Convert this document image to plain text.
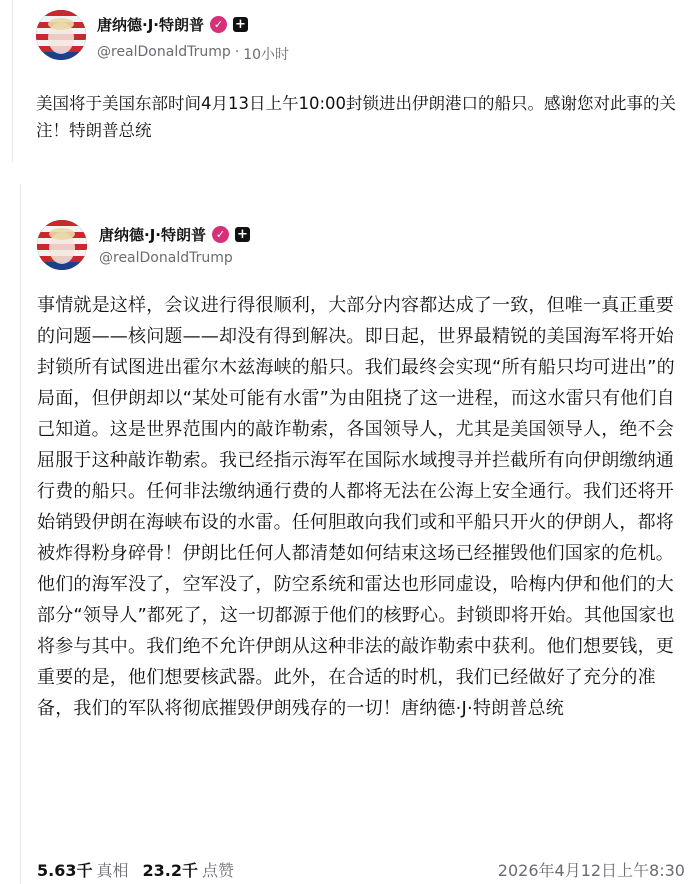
唐纳德·J·特朗普 ✓ +
@realDonaldTrump · 10小时
美国将于美国东部时间4月13日上午10:00封锁进出伊朗港口的船只。感谢您对此事的关注！特朗普总统
唐纳德·J·特朗普 ✓ +
@realDonaldTrump
事情就是这样，会议进行得很顺利，大部分内容都达成了一致，但唯一真正重要的问题——核问题——却没有得到解决。即日起，世界最精锐的美国海军将开始封锁所有试图进出霍尔木兹海峡的船只。我们最终会实现“所有船只均可进出”的局面，但伊朗却以“某处可能有水雷”为由阻挠了这一进程，而这水雷只有他们自己知道。这是世界范围内的敲诈勒索，各国领导人，尤其是美国领导人，绝不会屈服于这种敲诈勒索。我已经指示海军在国际水域搜寻并拦截所有向伊朗缴纳通行费的船只。任何非法缴纳通行费的人都将无法在公海上安全通行。我们还将开始销毁伊朗在海峡布设的水雷。任何胆敢向我们或和平船只开火的伊朗人，都将被炸得粉身碎骨！伊朗比任何人都清楚如何结束这场已经摧毁他们国家的危机。他们的海军没了，空军没了，防空系统和雷达也形同虚设，哈梅内伊和他们的大部分“领导人”都死了，这一切都源于他们的核野心。封锁即将开始。其他国家也将参与其中。我们绝不允许伊朗从这种非法的敲诈勒索中获利。他们想要钱，更重要的是，他们想要核武器。此外，在合适的时机，我们已经做好了充分的准备，我们的军队将彻底摧毁伊朗残存的一切！唐纳德·J·特朗普总统
5.63千 真相 23.2千 点赞	2026年4月12日上午8:30
